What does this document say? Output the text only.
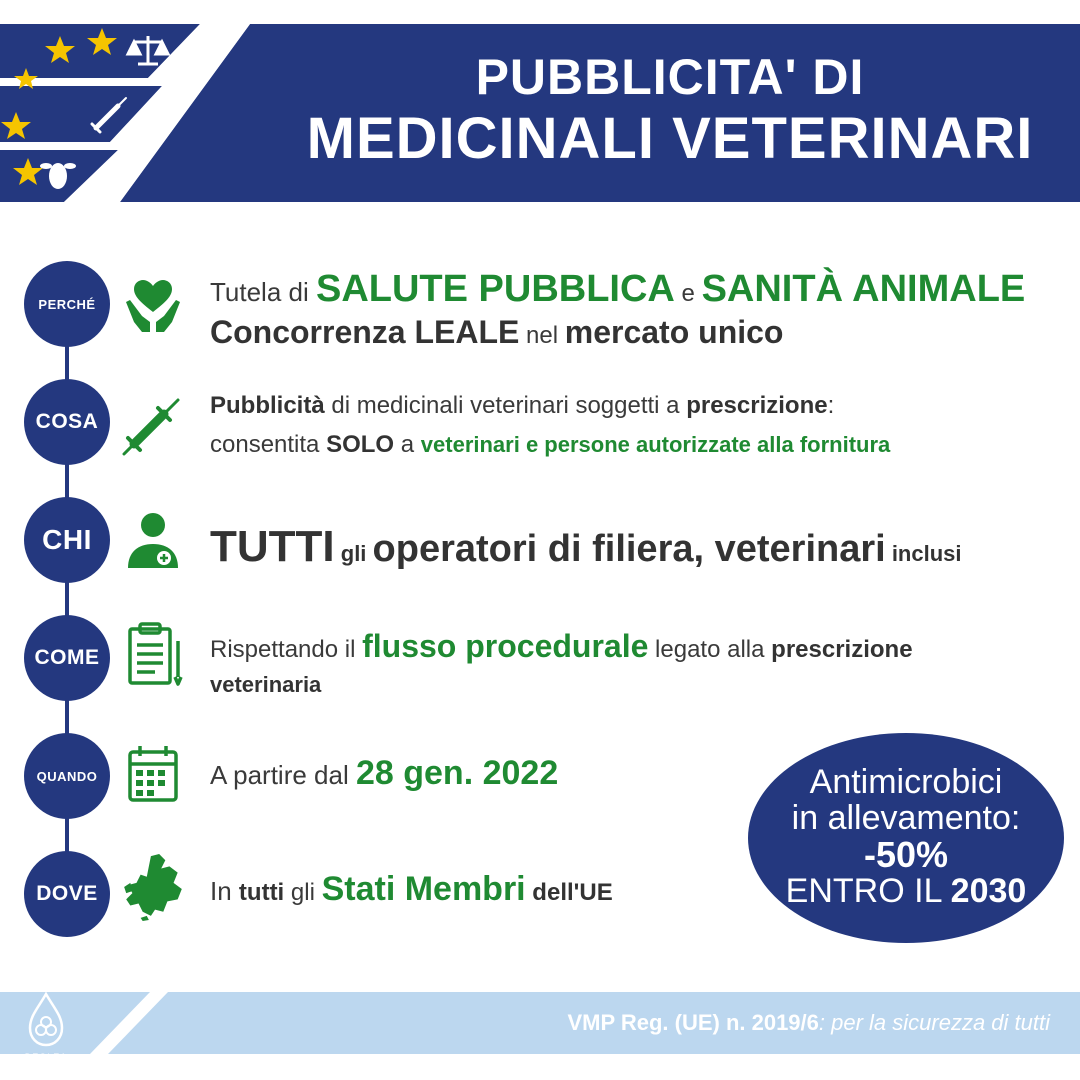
PUBBLICITA' DI
MEDICINALI VETERINARI
PERCHÉ	Tutela di SALUTE PUBBLICA e SANITÀ ANIMALE
Concorrenza LEALE nel mercato unico
COSA
Pubblicità di medicinali veterinari soggetti a prescrizione:
consentita SOLO a veterinari e persone autorizzate alla fornitura
CHI	TUTTI gli operatori di filiera, veterinari inclusi
COME	Rispettando il flusso procedurale legato alla prescrizione
veterinaria
QUANDO	A partire dal 28 gen. 2022
DOVE	In tutti gli Stati Membri dell'UE
Antimicrobici
in allevamento:
-50%
ENTRO IL 2030
DEOLEA
VMP Reg. (UE) n. 2019/6: per la sicurezza di tutti
